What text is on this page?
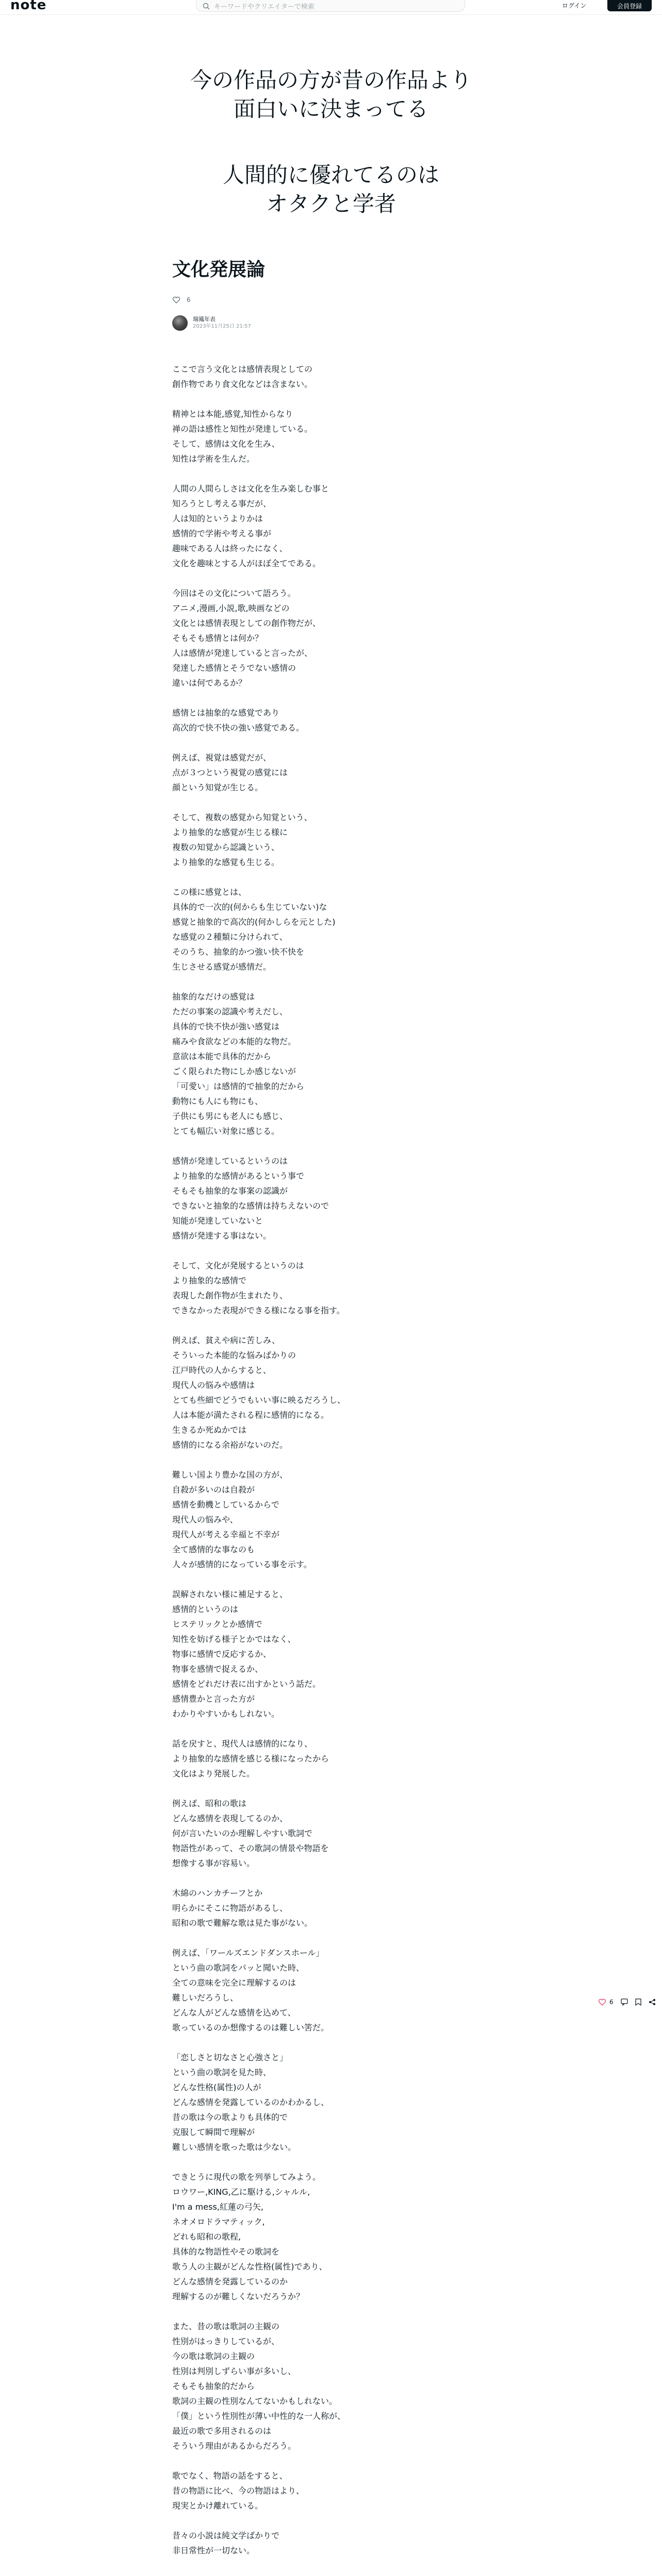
note	キーワードやクリエイターで検索	ログイン	会員登録

今の作品の方が昔の作品より

面白いに決まってる

人間的に優れてるのは

オタクと学者

文化発展論
6
瑞鳳年表
2023年11月25日 21:57

ここで言う文化とは感情表現としての
創作物であり食文化などは含まない。

精神とは本能,感覚,知性からなり
禅の語は感性と知性が発達している。
そして、感情は文化を生み、
知性は学術を生んだ。

人間の人間らしさは文化を生み楽しむ事と
知ろうとし考える事だが、
人は知的というよりかは
感情的で学術や考える事が
趣味である人は終ったになく、
文化を趣味とする人がほぼ全てである。

今回はその文化について語ろう。
アニメ,漫画,小説,歌,映画などの
文化とは感情表現としての創作物だが、
そもそも感情とは何か？
人は感情が発達していると言ったが、
発達した感情とそうでない感情の
違いは何であるか？

感情とは抽象的な感覚であり
高次的で快不快の強い感覚である。

例えば、視覚は感覚だが、
点が３つという視覚の感覚には
顔という知覚が生じる。

そして、複数の感覚から知覚という、
より抽象的な感覚が生じる様に
複数の知覚から認識という、
より抽象的な感覚も生じる。

この様に感覚とは、
具体的で一次的(何からも生じていない)な
感覚と抽象的で高次的(何かしらを元とした)
な感覚の２種類に分けられて、
そのうち、抽象的かつ強い快不快を
生じさせる感覚が感情だ。

抽象的なだけの感覚は
ただの事案の認識や考えだし、
具体的で快不快が強い感覚は
痛みや食欲などの本能的な物だ。
意欲は本能で具体的だから
ごく限られた物にしか感じないが
「可愛い」は感情的で抽象的だから
動物にも人にも物にも、
子供にも男にも老人にも感じ、
とても幅広い対象に感じる。

感情が発達しているというのは
より抽象的な感情があるという事で
そもそも抽象的な事案の認識が
できないと抽象的な感情は持ちえないので
知能が発達していないと
感情が発達する事はない。

そして、文化が発展するというのは
より抽象的な感情で
表現した創作物が生まれたり、
できなかった表現ができる様になる事を指す。

例えば、貧えや病に苦しみ、
そういった本能的な悩みばかりの
江戸時代の人からすると、
現代人の悩みや感情は
とても些細でどうでもいい事に映るだろうし、
人は本能が満たされる程に感情的になる。
生きるか死ぬかでは
感情的になる余裕がないのだ。

難しい国より豊かな国の方が、
自殺が多いのは自殺が
感情を動機としているからで
現代人の悩みや、
現代人が考える幸福と不幸が
全て感情的な事なのも
人々が感情的になっている事を示す。

誤解されない様に補足すると、
感情的というのは
ヒステリックとか感情で
知性を妨げる様子とかではなく、
物事に感情で反応するか、
物事を感情で捉えるか、
感情をどれだけ表に出すかという話だ。
感情豊かと言った方が
わかりやすいかもしれない。

話を戻すと、現代人は感情的になり、
より抽象的な感情を感じる様になったから
文化はより発展した。

例えば、昭和の歌は
どんな感情を表現してるのか、
何が言いたいのか理解しやすい歌詞で
物語性があって、その歌詞の情景や物語を
想像する事が容易い。

木綿のハンカチーフとか
明らかにそこに物語があるし、
昭和の歌で難解な歌は見た事がない。

例えば、「ワールズエンドダンスホール」
という曲の歌詞をパッと聞いた時、
全ての意味を完全に理解するのは
難しいだろうし、
どんな人がどんな感情を込めて、
歌っているのか想像するのは難しい筈だ。

「恋しさと切なさと心強さと」
という曲の歌詞を見た時、
どんな性格(属性)の人が
どんな感情を発露しているのかわかるし、
昔の歌は今の歌よりも具体的で
克服して瞬間で理解が
難しい感情を歌った歌は少ない。

できとうに現代の歌を列挙してみよう。
ロウワー,KING,乙に駆ける,シャルル,
I'm a mess,紅蓮の弓矢,
ネオメロドラマティック,
どれも昭和の歌程,
具体的な物語性やその歌詞を
歌う人の主観がどんな性格(属性)であり、
どんな感情を発露しているのか
理解するのが難しくないだろうか？

また、昔の歌は歌詞の主観の
性別がはっきりしているが、
今の歌は歌詞の主観の
性別は判別しずらい事が多いし、
そもそも抽象的だから
歌詞の主観の性別なんてないかもしれない。
「僕」という性別性が薄い中性的な一人称が、
最近の歌で多用されるのは
そういう理由があるからだろう。

歌でなく、物語の話をすると、
昔の物語に比べ、今の物語はより、
現実とかけ離れている。

昔々の小説は純文学ばかりで
非日常性が一切ない。

6
